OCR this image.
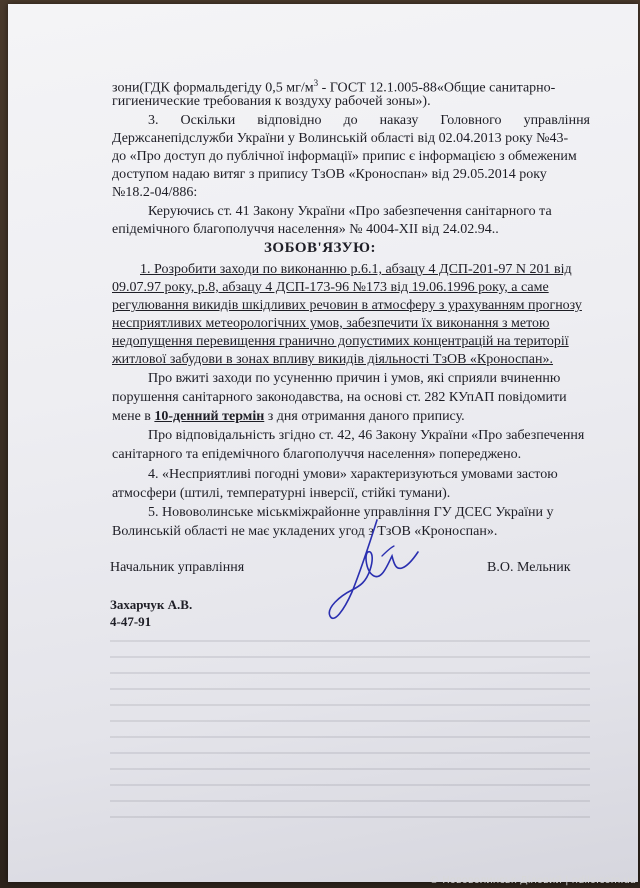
зони(ГДК формальдегіду 0,5 $мг/м^3$ - ГОСТ 12.1.005-88«Общие санитарно-
гигиенические требования к воздуху рабочей зоны»).
3. Оскільки відповідно до наказу Головного управління
Держсанепідслужби України у Волинській області від 02.04.2013 року №43-
до «Про доступ до публічної інформації» припис є інформацією з обмеженим
доступом надаю витяг з припису ТзОВ «Кроноспан» від 29.05.2014 року
№18.2-04/886:
Керуючись ст. 41 Закону України «Про забезпечення санітарного та
епідемічного благополуччя населення» № 4004-XII від 24.02.94..
ЗОБОВ'ЯЗУЮ:
1. Розробити заходи по виконанню р.6.1, абзацу 4 ДСП-201-97 N 201 від
09.07.97 року, р.8, абзацу 4 ДСП-173-96 №173 від 19.06.1996 року, а саме
регулювання викидів шкідливих речовин в атмосферу з урахуванням прогнозу
несприятливих метеорологічних умов, забезпечити їх виконання з метою
недопущення перевищення гранично допустимих концентрацій на території
житлової забудови в зонах впливу викидів діяльності ТзОВ «Кроноспан».
Про вжиті заходи по усуненню причин і умов, які сприяли вчиненню
порушення санітарного законодавства, на основі ст. 282 КУпАП повідомити
мене в 10-денний термін з дня отримання даного припису.
Про відповідальність згідно ст. 42, 46 Закону України «Про забезпечення
санітарного та епідемічного благополуччя населення» попереджено.
4. «Несприятливі погодні умови» характеризуються умовами застою
атмосфери (штилі, температурні інверсії, стійкі тумани).
5. Нововолинське міськміжрайонне управління ГУ ДСЕС України у
Волинській області не має укладених угод з ТзОВ «Кроноспан».
Начальник управління	В.О. Мельник
Захарчук А.В.
4-47-91
© Нововолинськ Діловий | ndilo.com.ua
